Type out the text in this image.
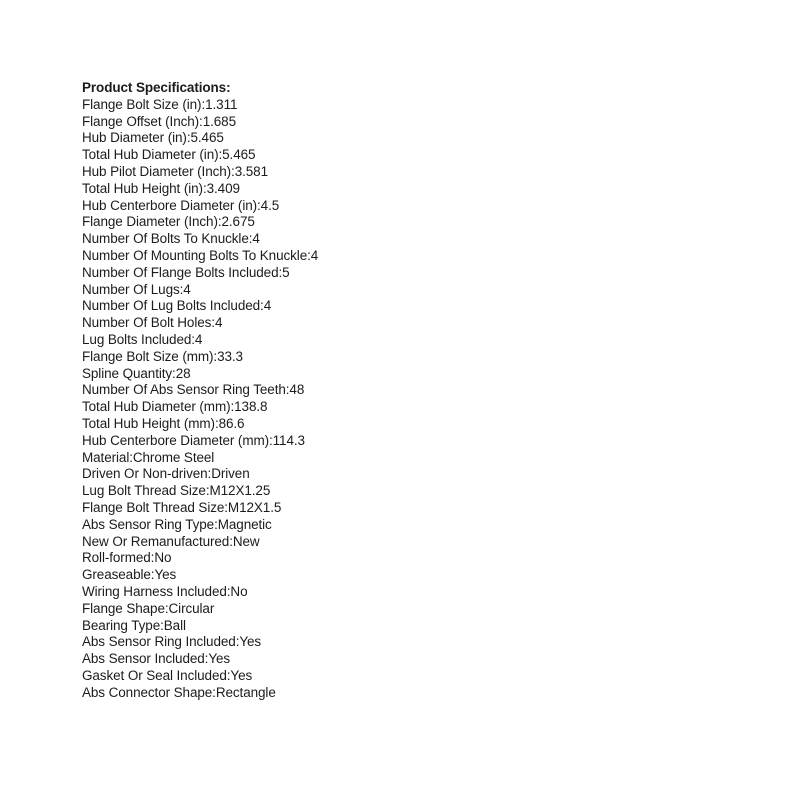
Product Specifications:
Flange Bolt Size (in):1.311
Flange Offset (Inch):1.685
Hub Diameter (in):5.465
Total Hub Diameter (in):5.465
Hub Pilot Diameter (Inch):3.581
Total Hub Height (in):3.409
Hub Centerbore Diameter (in):4.5
Flange Diameter (Inch):2.675
Number Of Bolts To Knuckle:4
Number Of Mounting Bolts To Knuckle:4
Number Of Flange Bolts Included:5
Number Of Lugs:4
Number Of Lug Bolts Included:4
Number Of Bolt Holes:4
Lug Bolts Included:4
Flange Bolt Size (mm):33.3
Spline Quantity:28
Number Of Abs Sensor Ring Teeth:48
Total Hub Diameter (mm):138.8
Total Hub Height (mm):86.6
Hub Centerbore Diameter (mm):114.3
Material:Chrome Steel
Driven Or Non-driven:Driven
Lug Bolt Thread Size:M12X1.25
Flange Bolt Thread Size:M12X1.5
Abs Sensor Ring Type:Magnetic
New Or Remanufactured:New
Roll-formed:No
Greaseable:Yes
Wiring Harness Included:No
Flange Shape:Circular
Bearing Type:Ball
Abs Sensor Ring Included:Yes
Abs Sensor Included:Yes
Gasket Or Seal Included:Yes
Abs Connector Shape:Rectangle
